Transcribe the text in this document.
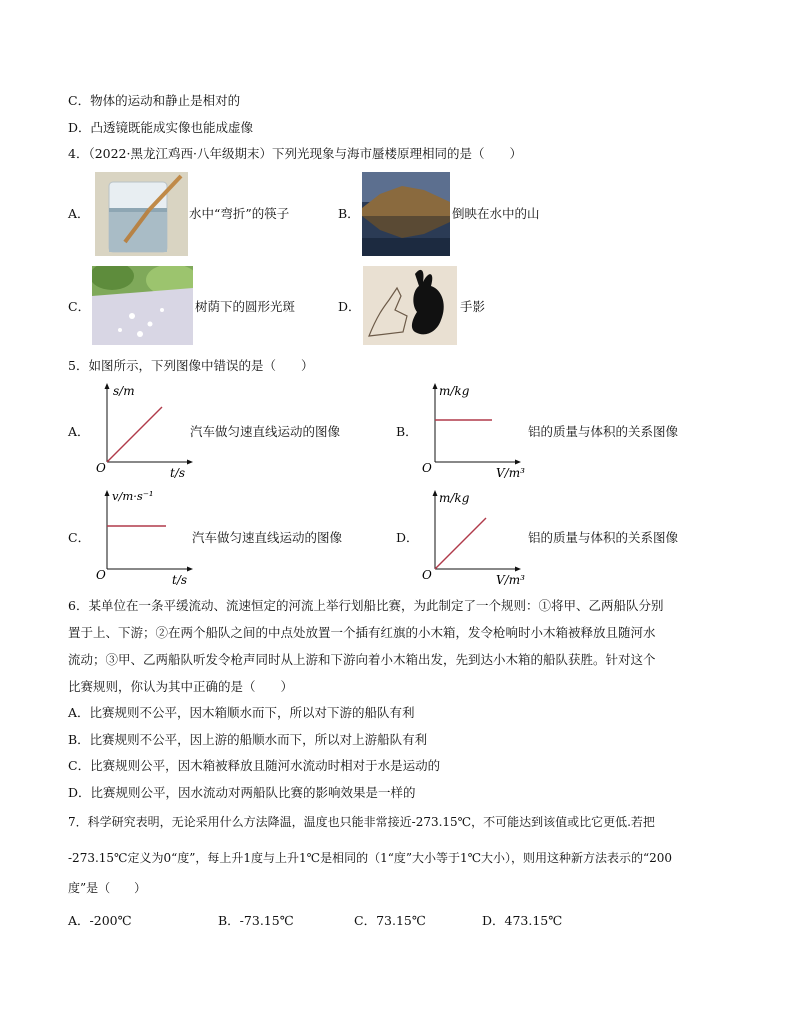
C．物体的运动和静止是相对的
D．凸透镜既能成实像也能成虚像
4．（2022·黑龙江鸡西·八年级期末）下列光现象与海市蜃楼原理相同的是（　　）
A．	水中“弯折”的筷子	B．	倒映在水中的山
C．	树荫下的圆形光斑	D．	手影
5．如图所示，下列图像中错误的是（　　）
A．
s/m
t/s
O
汽车做匀速直线运动的图像	B．
m/kg
V/m³
O
铝的质量与体积的关系图像
C．
v/m·s⁻¹
t/s
O
汽车做匀速直线运动的图像	D．
m/kg
V/m³
O
铝的质量与体积的关系图像
6．某单位在一条平缓流动、流速恒定的河流上举行划船比赛，为此制定了一个规则：①将甲、乙两船队分别
置于上、下游；②在两个船队之间的中点处放置一个插有红旗的小木箱，发令枪响时小木箱被释放且随河水
流动；③甲、乙两船队听发令枪声同时从上游和下游向着小木箱出发，先到达小木箱的船队获胜。针对这个
比赛规则，你认为其中正确的是（　　）
A．比赛规则不公平，因木箱顺水而下，所以对下游的船队有利
B．比赛规则不公平，因上游的船顺水而下，所以对上游船队有利
C．比赛规则公平，因木箱被释放且随河水流动时相对于水是运动的
D．比赛规则公平，因水流动对两船队比赛的影响效果是一样的
7．科学研究表明，无论采用什么方法降温，温度也只能非常接近-273.15℃，不可能达到该值或比它更低.若把
-273.15℃定义为0“度”，每上升1度与上升1℃是相同的（1“度”大小等于1℃大小），则用这种新方法表示的“200
度”是（　　）
A．-200℃	B．-73.15℃	C．73.15℃	D．473.15℃
